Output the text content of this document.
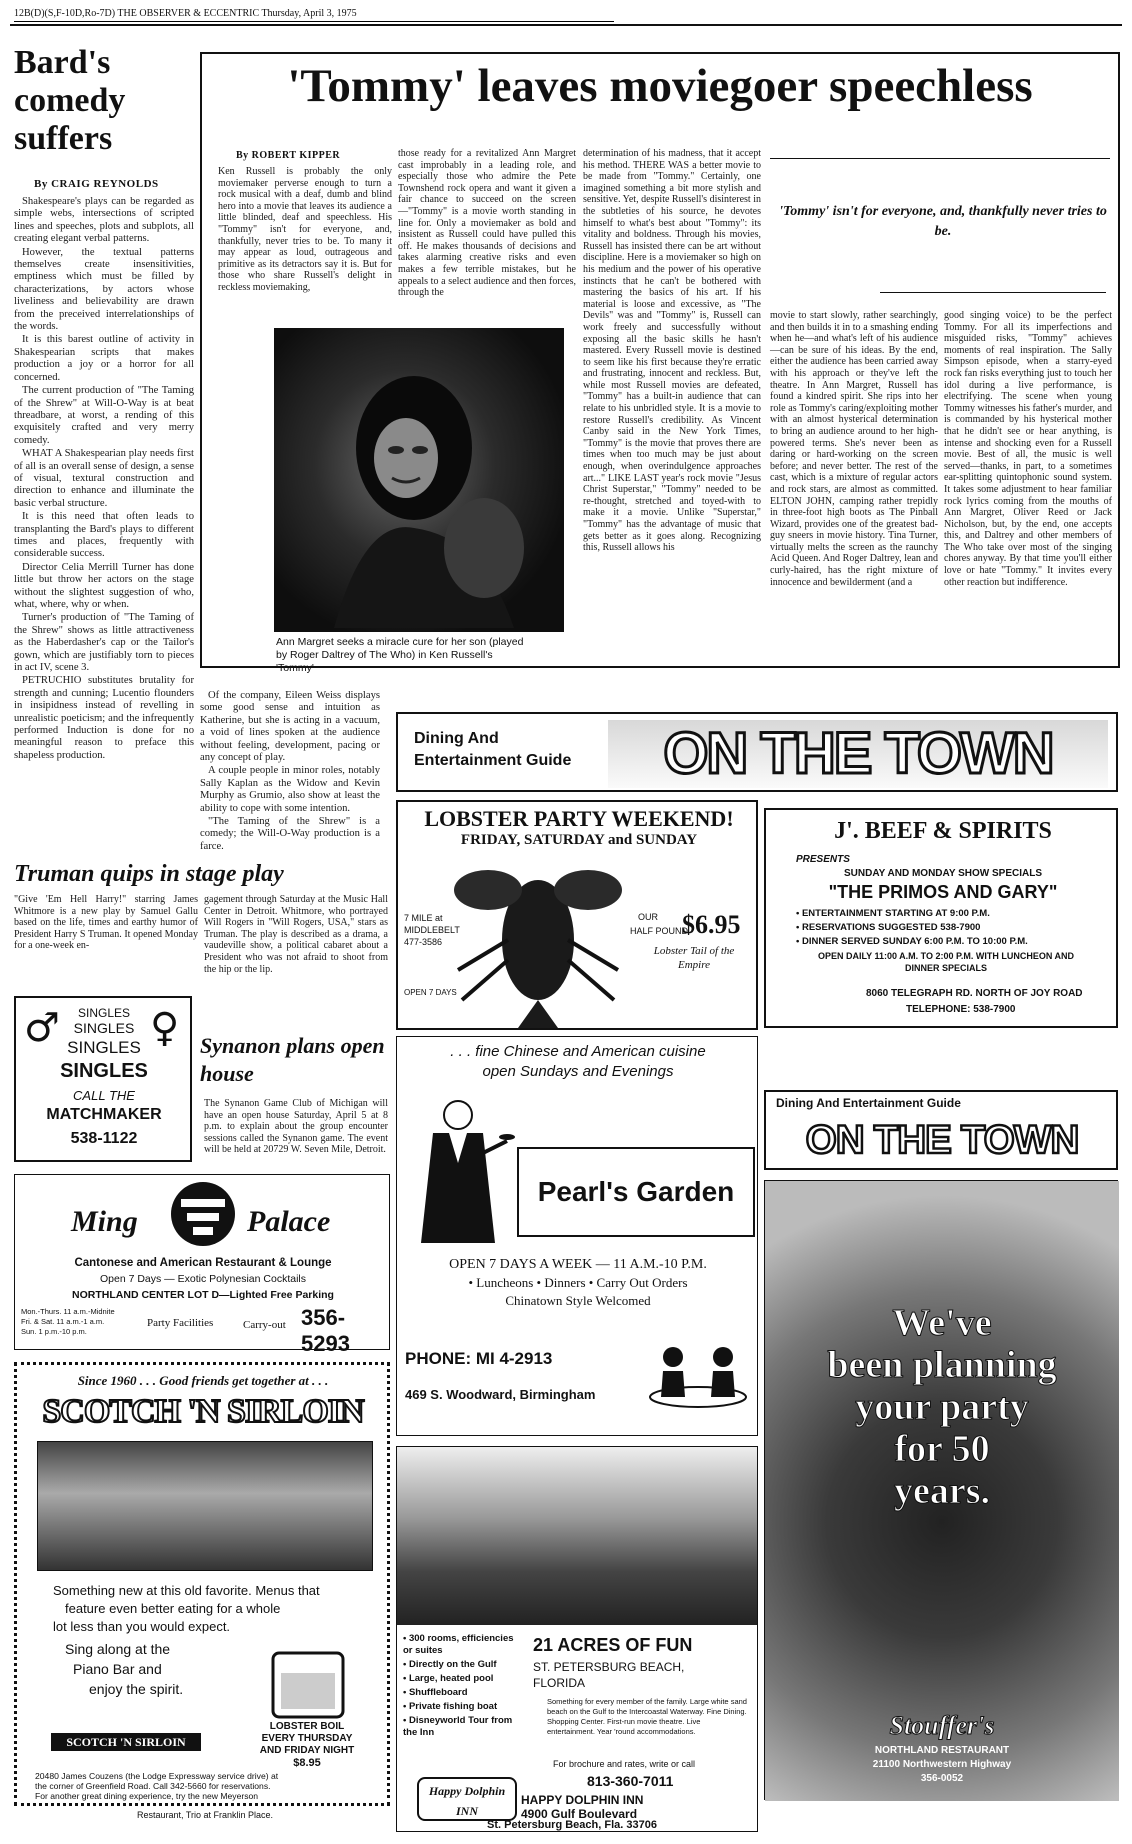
12B(D)(S,F-10D,Ro-7D) THE OBSERVER & ECCENTRIC Thursday, April 3, 1975
Bard's comedy suffers
By CRAIG REYNOLDS

Shakespeare's plays can be regarded as simple webs, intersections of scripted lines and speeches, plots and subplots, all creating elegant verbal patterns.

However, the textual patterns themselves create insensitivities, emptiness which must be filled by characterizations, by actors whose liveliness and believability are drawn from the preceived interrelationships of the words.

It is this barest outline of activity in Shakespearian scripts that makes production a joy or a horror for all concerned.

The current production of "The Taming of the Shrew" at Will-O-Way is at beat threadbare, at worst, a rending of this exquisitely crafted and very merry comedy.

WHAT A Shakespearian play needs first of all is an overall sense of design, a sense of visual, textural construction and direction to enhance and illuminate the basic verbal structure.

It is this need that often leads to transplanting the Bard's plays to different times and places, frequently with considerable success.

Director Celia Merrill Turner has done little but throw her actors on the stage without the slightest suggestion of who, what, where, why or when.

Turner's production of "The Taming of the Shrew" shows as little attractiveness as the Haberdasher's cap or the Tailor's gown, which are justifiably torn to pieces in act IV, scene 3.

PETRUCHIO substitutes brutality for strength and cunning; Lucentio flounders in insipidness instead of revelling in unrealistic poeticism; and the infrequently performed Induction is done for no meaningful reason to preface this shapeless production.

Of the company, Eileen Weiss displays some good sense and intuition as Katherine, but she is acting in a vacuum, a void of lines spoken at the audience without feeling, development, pacing or any concept of play.

A couple people in minor roles, notably Sally Kaplan as the Widow and Kevin Murphy as Grumio, also show at least the ability to cope with some intention.

"The Taming of the Shrew" is a comedy; the Will-O-Way production is a farce.

'Tommy' leaves moviegoer speechless
By ROBERT KIPPER
Ken Russell is probably the only moviemaker perverse enough to turn a rock musical with a deaf, dumb and blind hero into a movie that leaves its audience a little blinded, deaf and speechless. His "Tommy" isn't for everyone, and, thankfully, never tries to be. To many it may appear as loud, outrageous and primitive as its detractors say it is. But for those who share Russell's delight in reckless moviemaking,
those ready for a revitalized Ann Margret cast improbably in a leading role, and especially those who admire the Pete Townshend rock opera and want it given a fair chance to succeed on the screen—"Tommy" is a movie worth standing in line for. Only a moviemaker as bold and insistent as Russell could have pulled this off. He makes thousands of decisions and takes alarming creative risks and even makes a few terrible mistakes, but he appeals to a select audience and then forces, through the
determination of his madness, that it accept his method. THERE WAS a better movie to be made from "Tommy." Certainly, one imagined something a bit more stylish and sensitive. Yet, despite Russell's disinterest in the subtleties of his source, he devotes himself to what's best about "Tommy": its vitality and boldness. Through his movies, Russell has insisted there can be art without discipline. Here is a moviemaker so high on his medium and the power of his operative instincts that he can't be bothered with mastering the basics of his art. If his material is loose and excessive, as "The Devils" was and "Tommy" is, Russell can work freely and successfully without exposing all the basic skills he hasn't mastered. Every Russell movie is destined to seem like his first because they're erratic and frustrating, innocent and reckless. But, while most Russell movies are defeated, "Tommy" has a built-in audience that can relate to his unbridled style. It is a movie to restore Russell's credibility. As Vincent Canby said in the New York Times, "Tommy" is the movie that proves there are times when too much may be just about enough, when overindulgence approaches art..." LIKE LAST year's rock movie "Jesus Christ Superstar," "Tommy" needed to be re-thought, stretched and toyed-with to make it a movie. Unlike "Superstar," "Tommy" has the advantage of music that gets better as it goes along. Recognizing this, Russell allows his
'Tommy' isn't for everyone, and, thankfully never tries to be.
movie to start slowly, rather searchingly, and then builds it in to a smashing ending when he—and what's left of his audience—can be sure of his ideas. By the end, either the audience has been carried away with his approach or they've left the theatre. In Ann Margret, Russell has found a kindred spirit. She rips into her role as Tommy's caring/exploiting mother with an almost hysterical determination to bring an audience around to her high-powered terms. She's never been as daring or hard-working on the screen before; and never better. The rest of the cast, which is a mixture of regular actors and rock stars, are almost as committed. ELTON JOHN, camping rather trepidly in three-foot high boots as The Pinball Wizard, provides one of the greatest bad-guy sneers in movie history. Tina Turner, virtually melts the screen as the raunchy Acid Queen. And Roger Daltrey, lean and curly-haired, has the right mixture of innocence and bewilderment (and a
good singing voice) to be the perfect Tommy. For all its imperfections and misguided risks, "Tommy" achieves moments of real inspiration. The Sally Simpson episode, when a starry-eyed rock fan risks everything just to touch her idol during a live performance, is electrifying. The scene when young Tommy witnesses his father's murder, and is commanded by his hysterical mother that he didn't see or hear anything, is intense and shocking even for a Russell movie. Best of all, the music is well served—thanks, in part, to a sometimes ear-splitting quintophonic sound system. It takes some adjustment to hear familiar rock lyrics coming from the mouths of Ann Margret, Oliver Reed or Jack Nicholson, but, by the end, one accepts this, and Daltrey and other members of The Who take over most of the singing chores anyway. By that time you'll either love or hate "Tommy." It invites every other reaction but indifference.
Ann Margret seeks a miracle cure for her son (played by Roger Daltrey of The Who) in Ken Russell's 'Tommy'
Truman quips in stage play
"Give 'Em Hell Harry!" starring James Whitmore is a new play by Samuel Gallu based on the life, times and earthy humor of President Harry S Truman. It opened Monday for a one-week en-
gagement through Saturday at the Music Hall Center in Detroit. Whitmore, who portrayed Will Rogers in "Will Rogers, USA," stars as Truman. The play is described as a drama, a vaudeville show, a political cabaret about a President who was not afraid to shoot from the hip or the lip.
♂ ♀
SINGLES
SINGLES
SINGLES
SINGLES
CALL THE
MATCHMAKER
538-1122
Synanon plans open house
The Synanon Game Club of Michigan will have an open house Saturday, April 5 at 8 p.m. to explain about the group encounter sessions called the Synanon game. The event will be held at 20729 W. Seven Mile, Detroit.
Dining And Entertainment Guide	ON THE TOWN
LOBSTER PARTY WEEKEND!
FRIDAY, SATURDAY and SUNDAY
7 MILE at MIDDLEBELT 477-3586
OPEN 7 DAYS
OUR
HALF POUND
$6.95
Lobster Tail of the Empire
J'. BEEF & SPIRITS
PRESENTS
SUNDAY AND MONDAY SHOW SPECIALS
"THE PRIMOS AND GARY"
• ENTERTAINMENT STARTING AT 9:00 P.M.
• RESERVATIONS SUGGESTED 538-7900
• DINNER SERVED SUNDAY 6:00 P.M. TO 10:00 P.M.
OPEN DAILY 11:00 A.M. TO 2:00 P.M. WITH LUNCHEON AND DINNER SPECIALS
8060 TELEGRAPH RD. NORTH OF JOY ROAD
TELEPHONE: 538-7900
. . . fine Chinese and American cuisine
open Sundays and Evenings
Pearl's Garden
OPEN 7 DAYS A WEEK — 11 A.M.-10 P.M.
• Luncheons • Dinners • Carry Out Orders
Chinatown Style Welcomed
PHONE: MI 4-2913
469 S. Woodward, Birmingham
Dining And Entertainment Guide
ON THE TOWN
We've
been planning
your party
for 50
years.
Stouffer's
NORTHLAND RESTAURANT
21100 Northwestern Highway
356-0052
Ming	Palace
Cantonese and American Restaurant & Lounge
Open 7 Days — Exotic Polynesian Cocktails
NORTHLAND CENTER LOT D—Lighted Free Parking
Mon.-Thurs. 11 a.m.-Midnite
Fri. & Sat. 11 a.m.-1 a.m.
Sun. 1 p.m.-10 p.m.
Party Facilities	Carry-out 356-5293
Since 1960 . . . Good friends get together at . . .
SCOTCH 'N SIRLOIN
Something new at this old favorite. Menus that
feature even better eating for a whole
lot less than you would expect.
Sing along at the
Piano Bar and
enjoy the spirit.
SCOTCH 'N SIRLOIN
LOBSTER BOIL
EVERY THURSDAY
AND FRIDAY NIGHT
$8.95
20480 James Couzens (the Lodge Expressway service drive) at
the corner of Greenfield Road. Call 342-5660 for reservations.
For another great dining experience, try the new Meyerson
Restaurant, Trio at Franklin Place.
• 300 rooms, efficiencies or suites
• Directly on the Gulf
• Large, heated pool
• Shuffleboard
• Private fishing boat
• Disneyworld Tour from the Inn
21 ACRES OF FUN
ST. PETERSBURG BEACH, FLORIDA
Something for every member of the family. Large white sand beach on the Gulf to the Intercoastal Waterway. Fine Dining. Shopping Center. First-run movie theatre. Live entertainment. Year 'round accommodations.
For brochure and rates, write or call
813-360-7011
Happy Dolphin INN
HAPPY DOLPHIN INN
4900 Gulf Boulevard
St. Petersburg Beach, Fla. 33706
